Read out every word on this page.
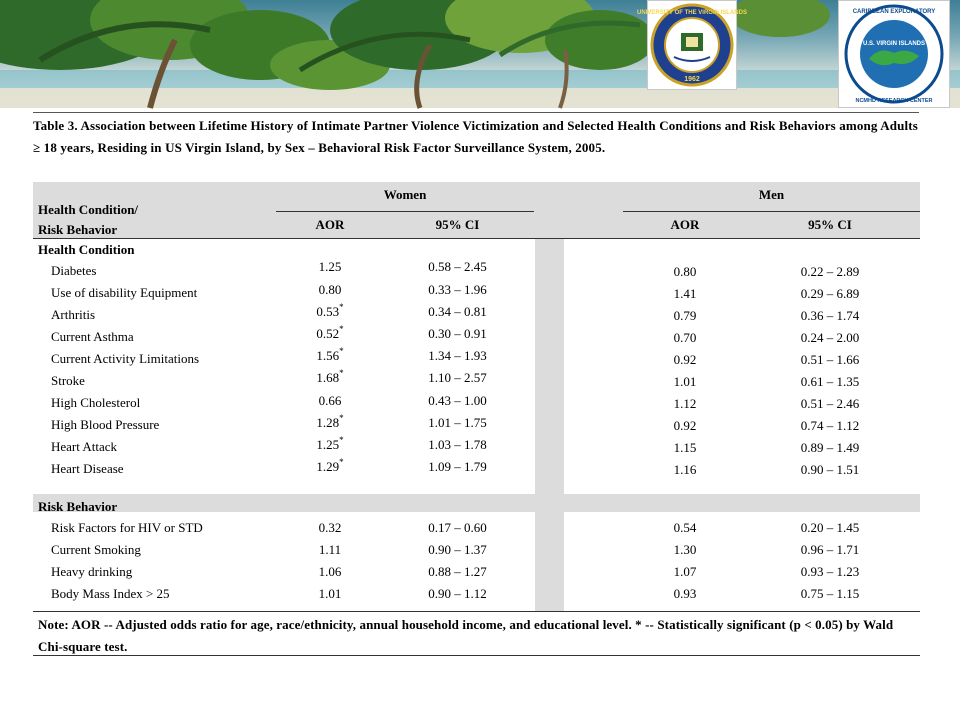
UNIVERSITY OF THE VIRGIN ISLANDS
1962
CARIBBEAN EXPLORATORY
NCMHD RESEARCH CENTER
U.S. VIRGIN ISLANDS
Table 3. Association between Lifetime History of Intimate Partner Violence Victimization and Selected Health Conditions and Risk Behaviors among Adults ≥ 18 years, Residing in US Virgin Island, by Sex – Behavioral Risk Factor Surveillance System, 2005.
Health Condition/
Risk Behavior
Women	Men
AOR	95% CI	AOR	95% CI
Health Condition
Risk Behavior
Diabetes	1.25	0.58 – 2.45	0.80	0.22 – 2.89
Use of disability Equipment	0.80	0.33 – 1.96	1.41	0.29 – 6.89
Arthritis	0.53*	0.34 – 0.81	0.79	0.36 – 1.74
Current Asthma	0.52*	0.30 – 0.91	0.70	0.24 – 2.00
Current Activity Limitations	1.56*	1.34 – 1.93	0.92	0.51 – 1.66
Stroke	1.68*	1.10 – 2.57	1.01	0.61 – 1.35
High Cholesterol	0.66	0.43 – 1.00	1.12	0.51 – 2.46
High Blood Pressure	1.28*	1.01 – 1.75	0.92	0.74 – 1.12
Heart Attack	1.25*	1.03 – 1.78	1.15	0.89 – 1.49
Heart Disease	1.29*	1.09 – 1.79	1.16	0.90 – 1.51
Risk Factors for HIV or STD	0.32	0.17 – 0.60	0.54	0.20 – 1.45
Current Smoking	1.11	0.90 – 1.37	1.30	0.96 – 1.71
Heavy drinking	1.06	0.88 – 1.27	1.07	0.93 – 1.23
Body Mass Index > 25	1.01	0.90 – 1.12	0.93	0.75 – 1.15
Note: AOR -- Adjusted odds ratio for age, race/ethnicity, annual household income, and educational level. * -- Statistically significant (p < 0.05) by Wald Chi-square test.
